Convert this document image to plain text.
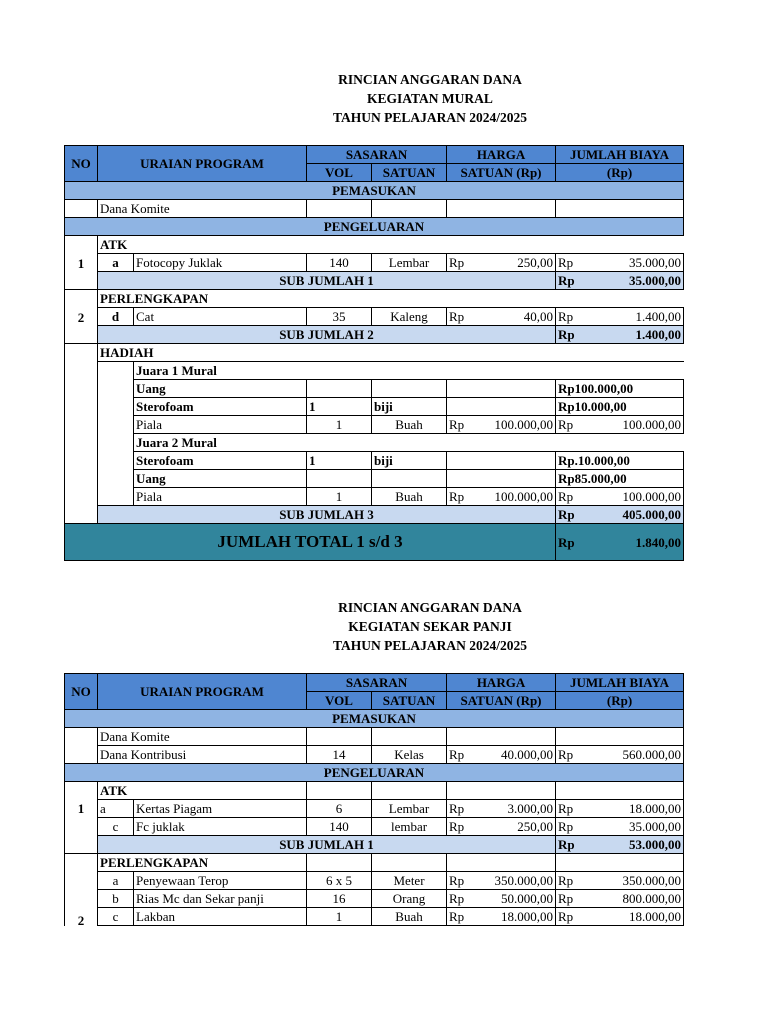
RINCIAN ANGGARAN DANA
KEGIATAN MURAL
TAHUN PELAJARAN 2024/2025
NO	URAIAN PROGRAM		SASARAN		HARGA	JUMLAH BIAYA
			VOL	SATUAN	SATUAN (Rp)	(Rp)
PEMASUKAN						
	Dana Komite					
PENGELUARAN						
1	ATK					
	a	Fotocopy Juklak	140	Lembar	Rp 250,00	Rp 35.000,00

	SUB JUMLAH 1					Rp 35.000,00

2	PERLENGKAPAN					
	d	Cat	35	Kaleng	Rp 40,00	Rp 1.400,00

	SUB JUMLAH 2					Rp 1.400,00

	HADIAH					
		Juara 1 Mural				
		Uang				Rp100.000,00
		Sterofoam	1	biji		Rp10.000,00
		Piala	1	Buah	Rp 100.000,00	Rp 100.000,00

		Juara 2 Mural				
		Sterofoam	1	biji		Rp.10.000,00
		Uang				Rp85.000,00
		Piala	1	Buah	Rp 100.000,00	Rp 100.000,00

	SUB JUMLAH 3					Rp 405.000,00

JUMLAH TOTAL 1 s/d 3						Rp 1.840,00
RINCIAN ANGGARAN DANA
KEGIATAN SEKAR PANJI
TAHUN PELAJARAN 2024/2025
NO	URAIAN PROGRAM		SASARAN		HARGA	JUMLAH BIAYA
			VOL	SATUAN	SATUAN (Rp)	(Rp)
PEMASUKAN						
	Dana Komite					
	Dana Kontribusi		14	Kelas	Rp 40.000,00	Rp 560.000,00

PENGELUARAN						
1	ATK					
	a	Kertas Piagam	6	Lembar	Rp 3.000,00	Rp 18.000,00

	c	Fc juklak	140	lembar	Rp 250,00	Rp 35.000,00

	SUB JUMLAH 1					Rp 53.000,00

2	PERLENGKAPAN					
	a	Penyewaan Terop	6 x 5	Meter	Rp 350.000,00	Rp 350.000,00

	b	Rias Mc dan Sekar panji	16	Orang	Rp 50.000,00	Rp 800.000,00

	c	Lakban	1	Buah	Rp 18.000,00	Rp 18.000,00
